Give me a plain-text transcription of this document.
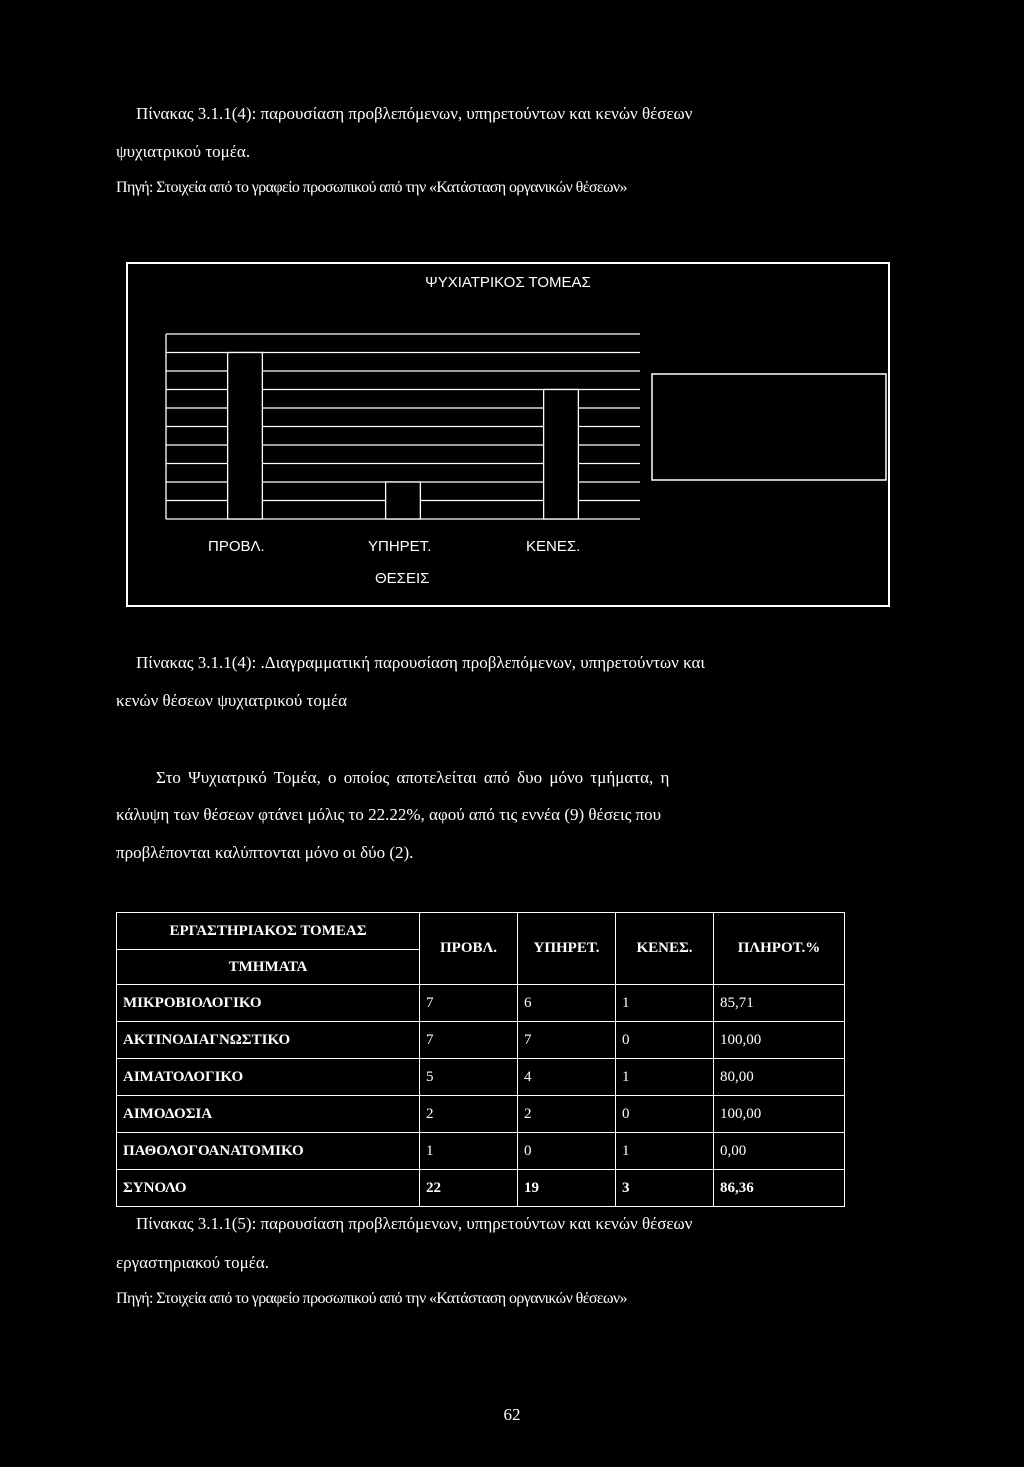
Πίνακας 3.1.1(4): παρουσίαση προβλεπόμενων, υπηρετούντων και κενών θέσεων
ψυχιατρικού τομέα.
Πηγή: Στοιχεία από το γραφείο προσωπικού από την «Κατάσταση οργανικών θέσεων»
ΨΥΧΙΑΤΡΙΚΟΣ ΤΟΜΕΑΣ
ΠΡΟΒΛ.	ΥΠΗΡΕΤ.	ΚΕΝΕΣ.
ΘΕΣΕΙΣ
Πίνακας 3.1.1(4): .Διαγραμματική παρουσίαση προβλεπόμενων, υπηρετούντων και
κενών θέσεων ψυχιατρικού τομέα
Στο Ψυχιατρικό Τομέα, ο οποίος αποτελείται από δυο μόνο τμήματα, η
κάλυψη των θέσεων φτάνει μόλις το 22.22%, αφού από τις εννέα (9) θέσεις που
προβλέπονται καλύπτονται μόνο οι δύο (2).
ΕΡΓΑΣΤΗΡΙΑΚΟΣ ΤΟΜΕΑΣ	ΠΡΟΒΛ.	ΥΠΗΡΕΤ.	ΚΕΝΕΣ.	ΠΛΗΡΟΤ.%
ΤΜΗΜΑΤΑ				
ΜΙΚΡΟΒΙΟΛΟΓΙΚΟ	7	6	1	85,71
ΑΚΤΙΝΟΔΙΑΓΝΩΣΤΙΚΟ	7	7	0	100,00
ΑΙΜΑΤΟΛΟΓΙΚΟ	5	4	1	80,00
ΑΙΜΟΔΟΣΙΑ	2	2	0	100,00
ΠΑΘΟΛΟΓΟΑΝΑΤΟΜΙΚΟ	1	0	1	0,00
ΣΥΝΟΛΟ	22	19	3	86,36
Πίνακας 3.1.1(5): παρουσίαση προβλεπόμενων, υπηρετούντων και κενών θέσεων
εργαστηριακού τομέα.
Πηγή: Στοιχεία από το γραφείο προσωπικού από την «Κατάσταση οργανικών θέσεων»
62
